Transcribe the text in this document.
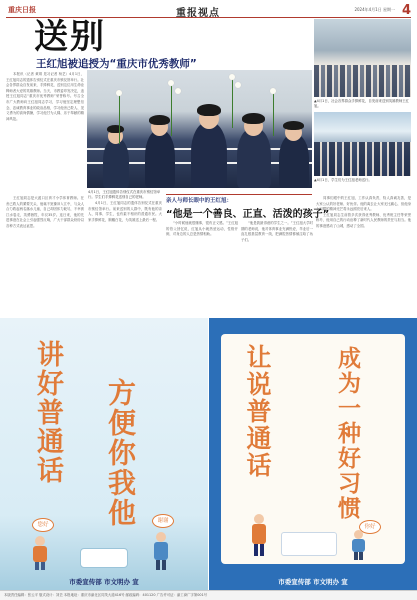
重庆日报	重报视点	2024年4月1日 星期一 4
送别
王红旭被追授为“重庆市优秀教师”

本报讯（记者 黄琪 见习记者 杨艺）4月1日，王红旭同志的遗体告别仪式在重庆市殡仪馆举行。社会各界群众自发前来，手捧鲜花，送别这位用生命诠释师者大爱的英雄教师。当天，市教委印发决定，追授王红旭同志“重庆市优秀教师”荣誉称号。号召全市广大教师向王红旭同志学习，学习他坚定理想信念、忠诚教育事业的政治品格，学习他舍己救人、见义勇为的高尚情操，学习他甘为人梯、乐于奉献的精神风范。

王红旭同志是大渡口区育才小学体育教师。在舍己救人的紧要关头，他毫不犹豫冲入江中，与众人合力救起两名落水儿童，自己却因体力耗尽，不幸被江水卷走，英勇牺牲，年仅35岁。连日来，他的先进事迹在社会上引起强烈反响，广大干部群众纷纷以各种方式表达哀思。

4月1日，王红旭遗体告别仪式在重庆市殡仪馆举行。学生们手捧鲜花送别自己的老师。
▲4月1日，社会各界群众手捧鲜花，自发前来送别英雄教师王红旭。
▲4月1日，学生们为王红旭老师送行。

4月1日，王红旭同志的遗体告别仪式在重庆市殡仪馆举行。前来送别的人群中，既有他的亲人、同事、学生，也有素不相识的普通市民。大家手捧鲜花，胸戴白花，为英雄送上最后一程。

亲人与师长眼中的王红旭：
“他是一个善良、正直、活泼的孩子”

“小时候他就很懂事，很有正义感。”王红旭的伯父回忆说，红旭从小就热爱运动，性格开朗，对身边的人总是热情相助。

“他是我最得意的学生之一。”王红旭大学时期的老师说，他对体育事业充满热爱，毕业后一直扎根基层教育一线，把满腔热情都倾注给了孩子们。

同事们眼中的王红旭，工作认真负责，待人真诚友善，是大家公认的好老师、好伙伴。他的离去让大家无比痛心，但他身上闪耀的精神光芒将永远照亮后来人。

王红旭同志生前曾多次获得优秀教师、优秀班主任等荣誉称号，他用自己的行动诠释了新时代人民教师的责任与担当。他的事迹感动了山城，感动了全国。

讲好普通话 方便你我他
您好
谢谢
市委宣传部 市文明办 宣
让说普通话	成为一种好习惯
你好
市委宣传部 市文明办 宣
本版责任编辑：张云平 版式设计：刘芸 本报地址：重庆市渝北区同茂大道416号 邮政编码：401120 广告许可证：渝工商广字第001号
